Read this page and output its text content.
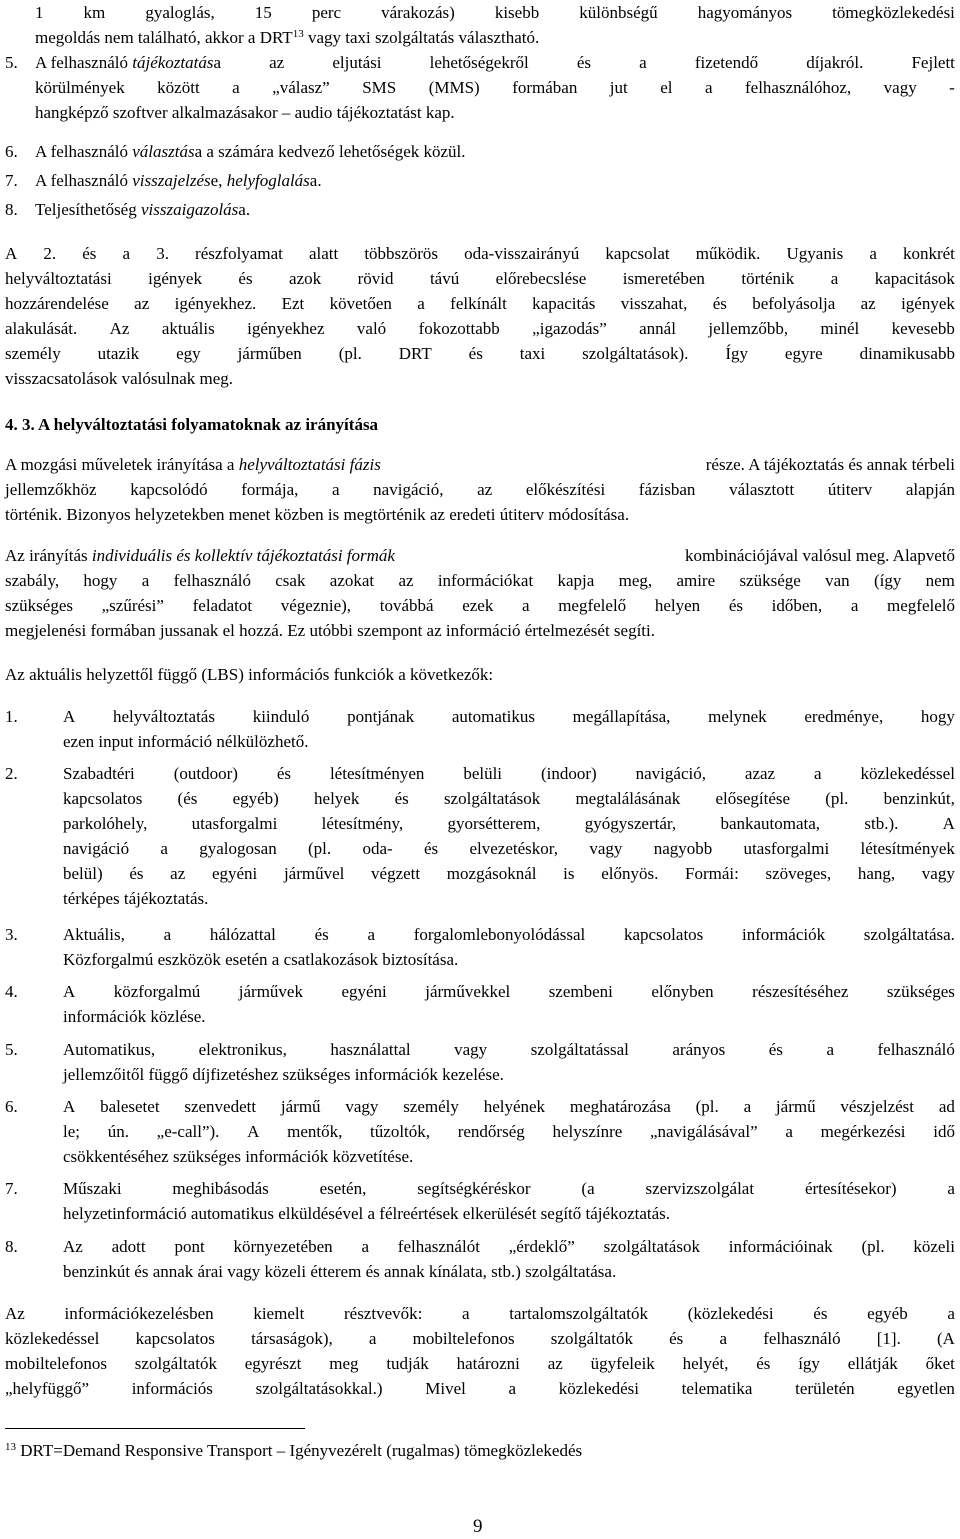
1 km gyaloglás, 15 perc várakozás) kisebb különbségű hagyományos tömegközlekedési
megoldás nem található, akkor a DRT$^{13}$ vagy taxi szolgáltatás választható.
5.	A felhasználó tájékoztatása	az	eljutási	lehetőségekről	és	a	fizetendő	díjakról.	Fejlett
körülmények között a „válasz” SMS (MMS) formában jut el a felhasználóhoz, vagy -
hangképző szoftver alkalmazásakor – audio tájékoztatást kap.
6. A felhasználó választása a számára kedvező lehetőségek közül.
7. A felhasználó visszajelzése, helyfoglalása.
8. Teljesíthetőség visszaigazolása.
A 2. és a 3. részfolyamat alatt többszörös oda-visszairányú kapcsolat működik. Ugyanis a konkrét
helyváltoztatási igények és azok rövid távú előrebecslése ismeretében történik a kapacitások
hozzárendelése az igényekhez. Ezt követően a felkínált kapacitás visszahat, és befolyásolja az igények
alakulását. Az aktuális igényekhez való fokozottabb „igazodás” annál jellemzőbb, minél kevesebb
személy utazik egy járműben (pl. DRT és taxi szolgáltatások). Így egyre dinamikusabb
visszacsatolások valósulnak meg.
4. 3. A helyváltoztatási folyamatoknak az irányítása
A mozgási műveletek irányítása a helyváltoztatási fázis	része. A tájékoztatás és annak térbeli
jellemzőkhöz kapcsolódó formája, a navigáció, az előkészítési fázisban választott útiterv alapján
történik. Bizonyos helyzetekben menet közben is megtörténik az eredeti útiterv módosítása.
Az irányítás individuális és kollektív tájékoztatási formák	kombinációjával valósul meg. Alapvető
szabály, hogy a felhasználó csak azokat az információkat kapja meg, amire szüksége van (így nem
szükséges „szűrési” feladatot végeznie), továbbá ezek a megfelelő helyen és időben, a megfelelő
megjelenési formában jussanak el hozzá. Ez utóbbi szempont az információ értelmezését segíti.
Az aktuális helyzettől függő (LBS) információs funkciók a következők:
1.	A helyváltoztatás kiinduló pontjának automatikus megállapítása, melynek eredménye, hogy
ezen input információ nélkülözhető.
2.	Szabadtéri (outdoor) és létesítményen belüli (indoor) navigáció, azaz a közlekedéssel
kapcsolatos (és egyéb) helyek és szolgáltatások megtalálásának elősegítése (pl. benzinkút,
parkolóhely,	utasforgalmi	létesítmény,	gyorsétterem,	gyógyszertár,	bankautomata,	stb.).	A
navigáció a gyalogosan (pl. oda- és elvezetéskor, vagy nagyobb utasforgalmi létesítmények
belül) és az egyéni járművel végzett mozgásoknál is előnyös. Formái: szöveges, hang, vagy
térképes tájékoztatás.
3.	Aktuális, a hálózattal és a forgalomlebonyolódással kapcsolatos információk szolgáltatása.
Közforgalmú eszközök esetén a csatlakozások biztosítása.
4.	A közforgalmú járművek egyéni járművekkel szembeni előnyben részesítéséhez szükséges
információk közlése.
5.	Automatikus,	elektronikus,	használattal	vagy	szolgáltatással	arányos	és	a	felhasználó
jellemzőitől függő díjfizetéshez szükséges információk kezelése.
6.	A balesetet szenvedett jármű vagy személy helyének meghatározása (pl. a jármű vészjelzést ad
le; ún. „e-call”). A mentők, tűzoltók, rendőrség helyszínre „navigálásával” a megérkezési idő
csökkentéséhez szükséges információk közvetítése.
7.	Műszaki	meghibásodás	esetén,	segítségkéréskor	(a	szervizszolgálat	értesítésekor)	a
helyzetinformáció automatikus elküldésével a félreértések elkerülését segítő tájékoztatás.
8.	Az adott pont környezetében a felhasználót „érdeklő” szolgáltatások információinak (pl. közeli
benzinkút és annak árai vagy közeli étterem és annak kínálata, stb.) szolgáltatása.
Az információkezelésben kiemelt résztvevők: a tartalomszolgáltatók (közlekedési és egyéb a
közlekedéssel kapcsolatos társaságok), a mobiltelefonos szolgáltatók és a felhasználó [1]. (A
mobiltelefonos szolgáltatók egyrészt meg tudják határozni az ügyfeleik helyét, és így ellátják őket
„helyfüggő”	információs	szolgáltatásokkal.)	Mivel	a	közlekedési	telematika	területén	egyetlen
$^{13}$ DRT=Demand Responsive Transport – Igényvezérelt (rugalmas) tömegközlekedés
9
